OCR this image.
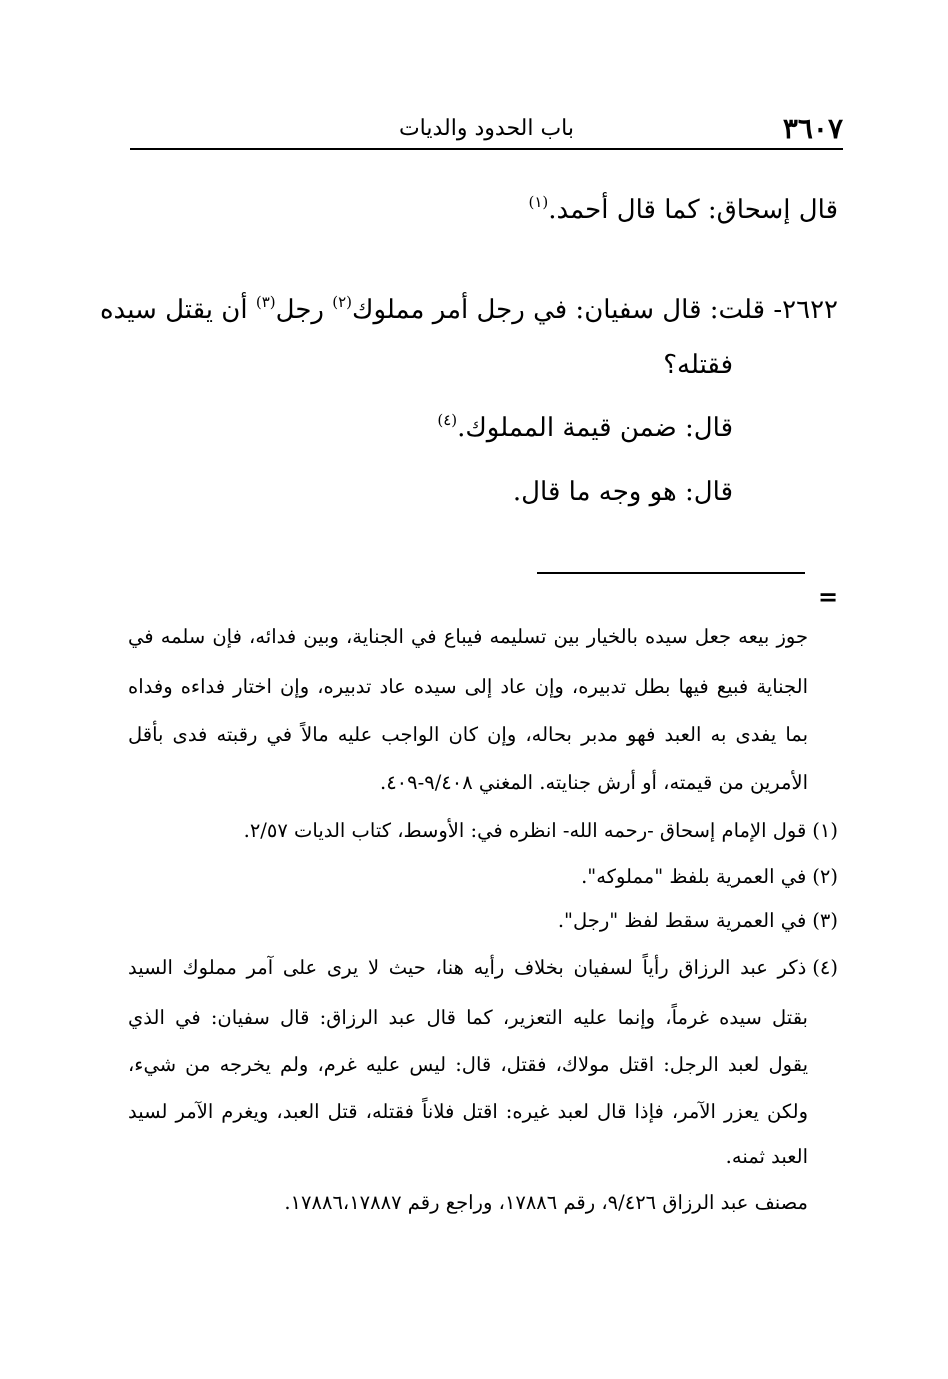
٣٦٠٧
باب الحدود والديات
قال إسحاق: كما قال أحمد.$^{(١)}$
٢٦٢٢- قلت: قال سفيان: في رجل أمر مملوك$^{(٢)}$ رجل$^{(٣)}$ أن يقتل سيده
فقتله؟
قال: ضمن قيمة المملوك.$^{(٤)}$
قال: هو وجه ما قال.
=
جوز بيعه جعل سيده بالخيار بين تسليمه فيباع في الجناية، وبين فدائه، فإن سلمه في
الجناية فبيع فيها بطل تدبيره، وإن عاد إلى سيده عاد تدبيره، وإن اختار فداءه وفداه
بما يفدى به العبد فهو مدبر بحاله، وإن كان الواجب عليه مالاً في رقبته فدى بأقل
الأمرين من قيمته، أو أرش جنايته. المغني ٩/٤٠٨-٤٠٩.
(١)قول الإمام إسحاق -رحمه الله- انظره في: الأوسط، كتاب الديات ٢/٥٧.
(٢)في العمرية بلفظ "مملوكه".
(٣)في العمرية سقط لفظ "رجل".
(٤)ذكر عبد الرزاق رأياً لسفيان بخلاف رأيه هنا، حيث لا يرى على آمر مملوك السيد
بقتل سيده غرماً، وإنما عليه التعزير، كما قال عبد الرزاق: قال سفيان: في الذي
يقول لعبد الرجل: اقتل مولاك، فقتل، قال: ليس عليه غرم، ولم يخرجه من شيء،
ولكن يعزر الآمر، فإذا قال لعبد غيره: اقتل فلاناً فقتله، قتل العبد، ويغرم الآمر لسيد
العبد ثمنه.
مصنف عبد الرزاق ٩/٤٢٦، رقم ١٧٨٨٦، وراجع رقم ١٧٨٨٦،١٧٨٨٧.
